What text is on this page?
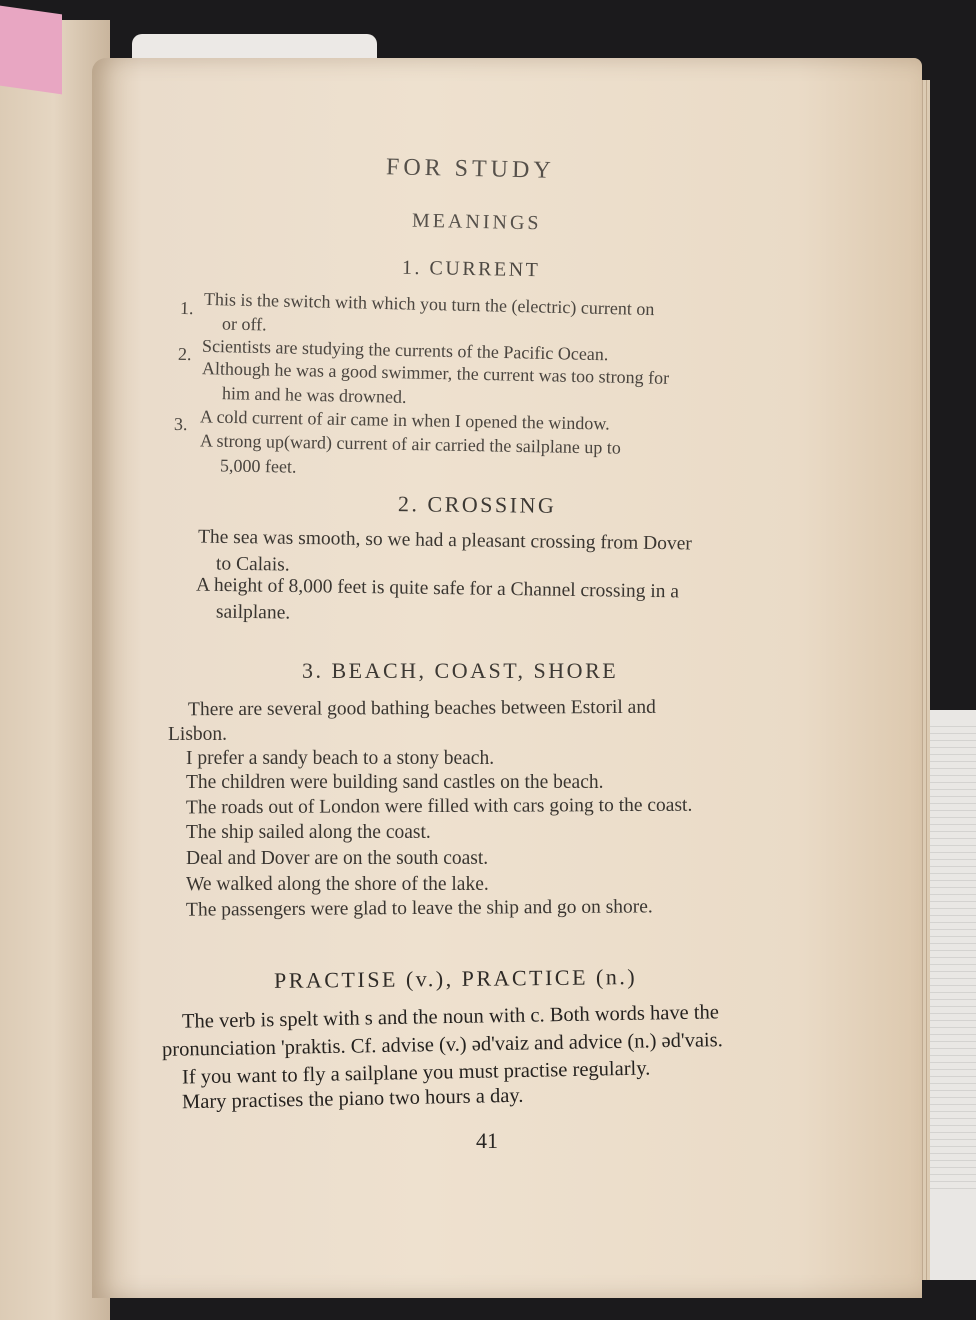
FOR STUDY
MEANINGS
1. CURRENT
1. This is the switch with which you turn the (electric) current on
or off.
2. Scientists are studying the currents of the Pacific Ocean.
Although he was a good swimmer, the current was too strong for
him and he was drowned.
3. A cold current of air came in when I opened the window.
A strong up(ward) current of air carried the sailplane up to
5,000 feet.
2. CROSSING
The sea was smooth, so we had a pleasant crossing from Dover
to Calais.
A height of 8,000 feet is quite safe for a Channel crossing in a
sailplane.
3. BEACH, COAST, SHORE
There are several good bathing beaches between Estoril and
Lisbon.
I prefer a sandy beach to a stony beach.
The children were building sand castles on the beach.
The roads out of London were filled with cars going to the coast.
The ship sailed along the coast.
Deal and Dover are on the south coast.
We walked along the shore of the lake.
The passengers were glad to leave the ship and go on shore.
PRACTISE (v.), PRACTICE (n.)
The verb is spelt with s and the noun with c. Both words have the
pronunciation 'praktis. Cf. advise (v.) əd'vaiz and advice (n.) əd'vais.
If you want to fly a sailplane you must practise regularly.
Mary practises the piano two hours a day.
41
